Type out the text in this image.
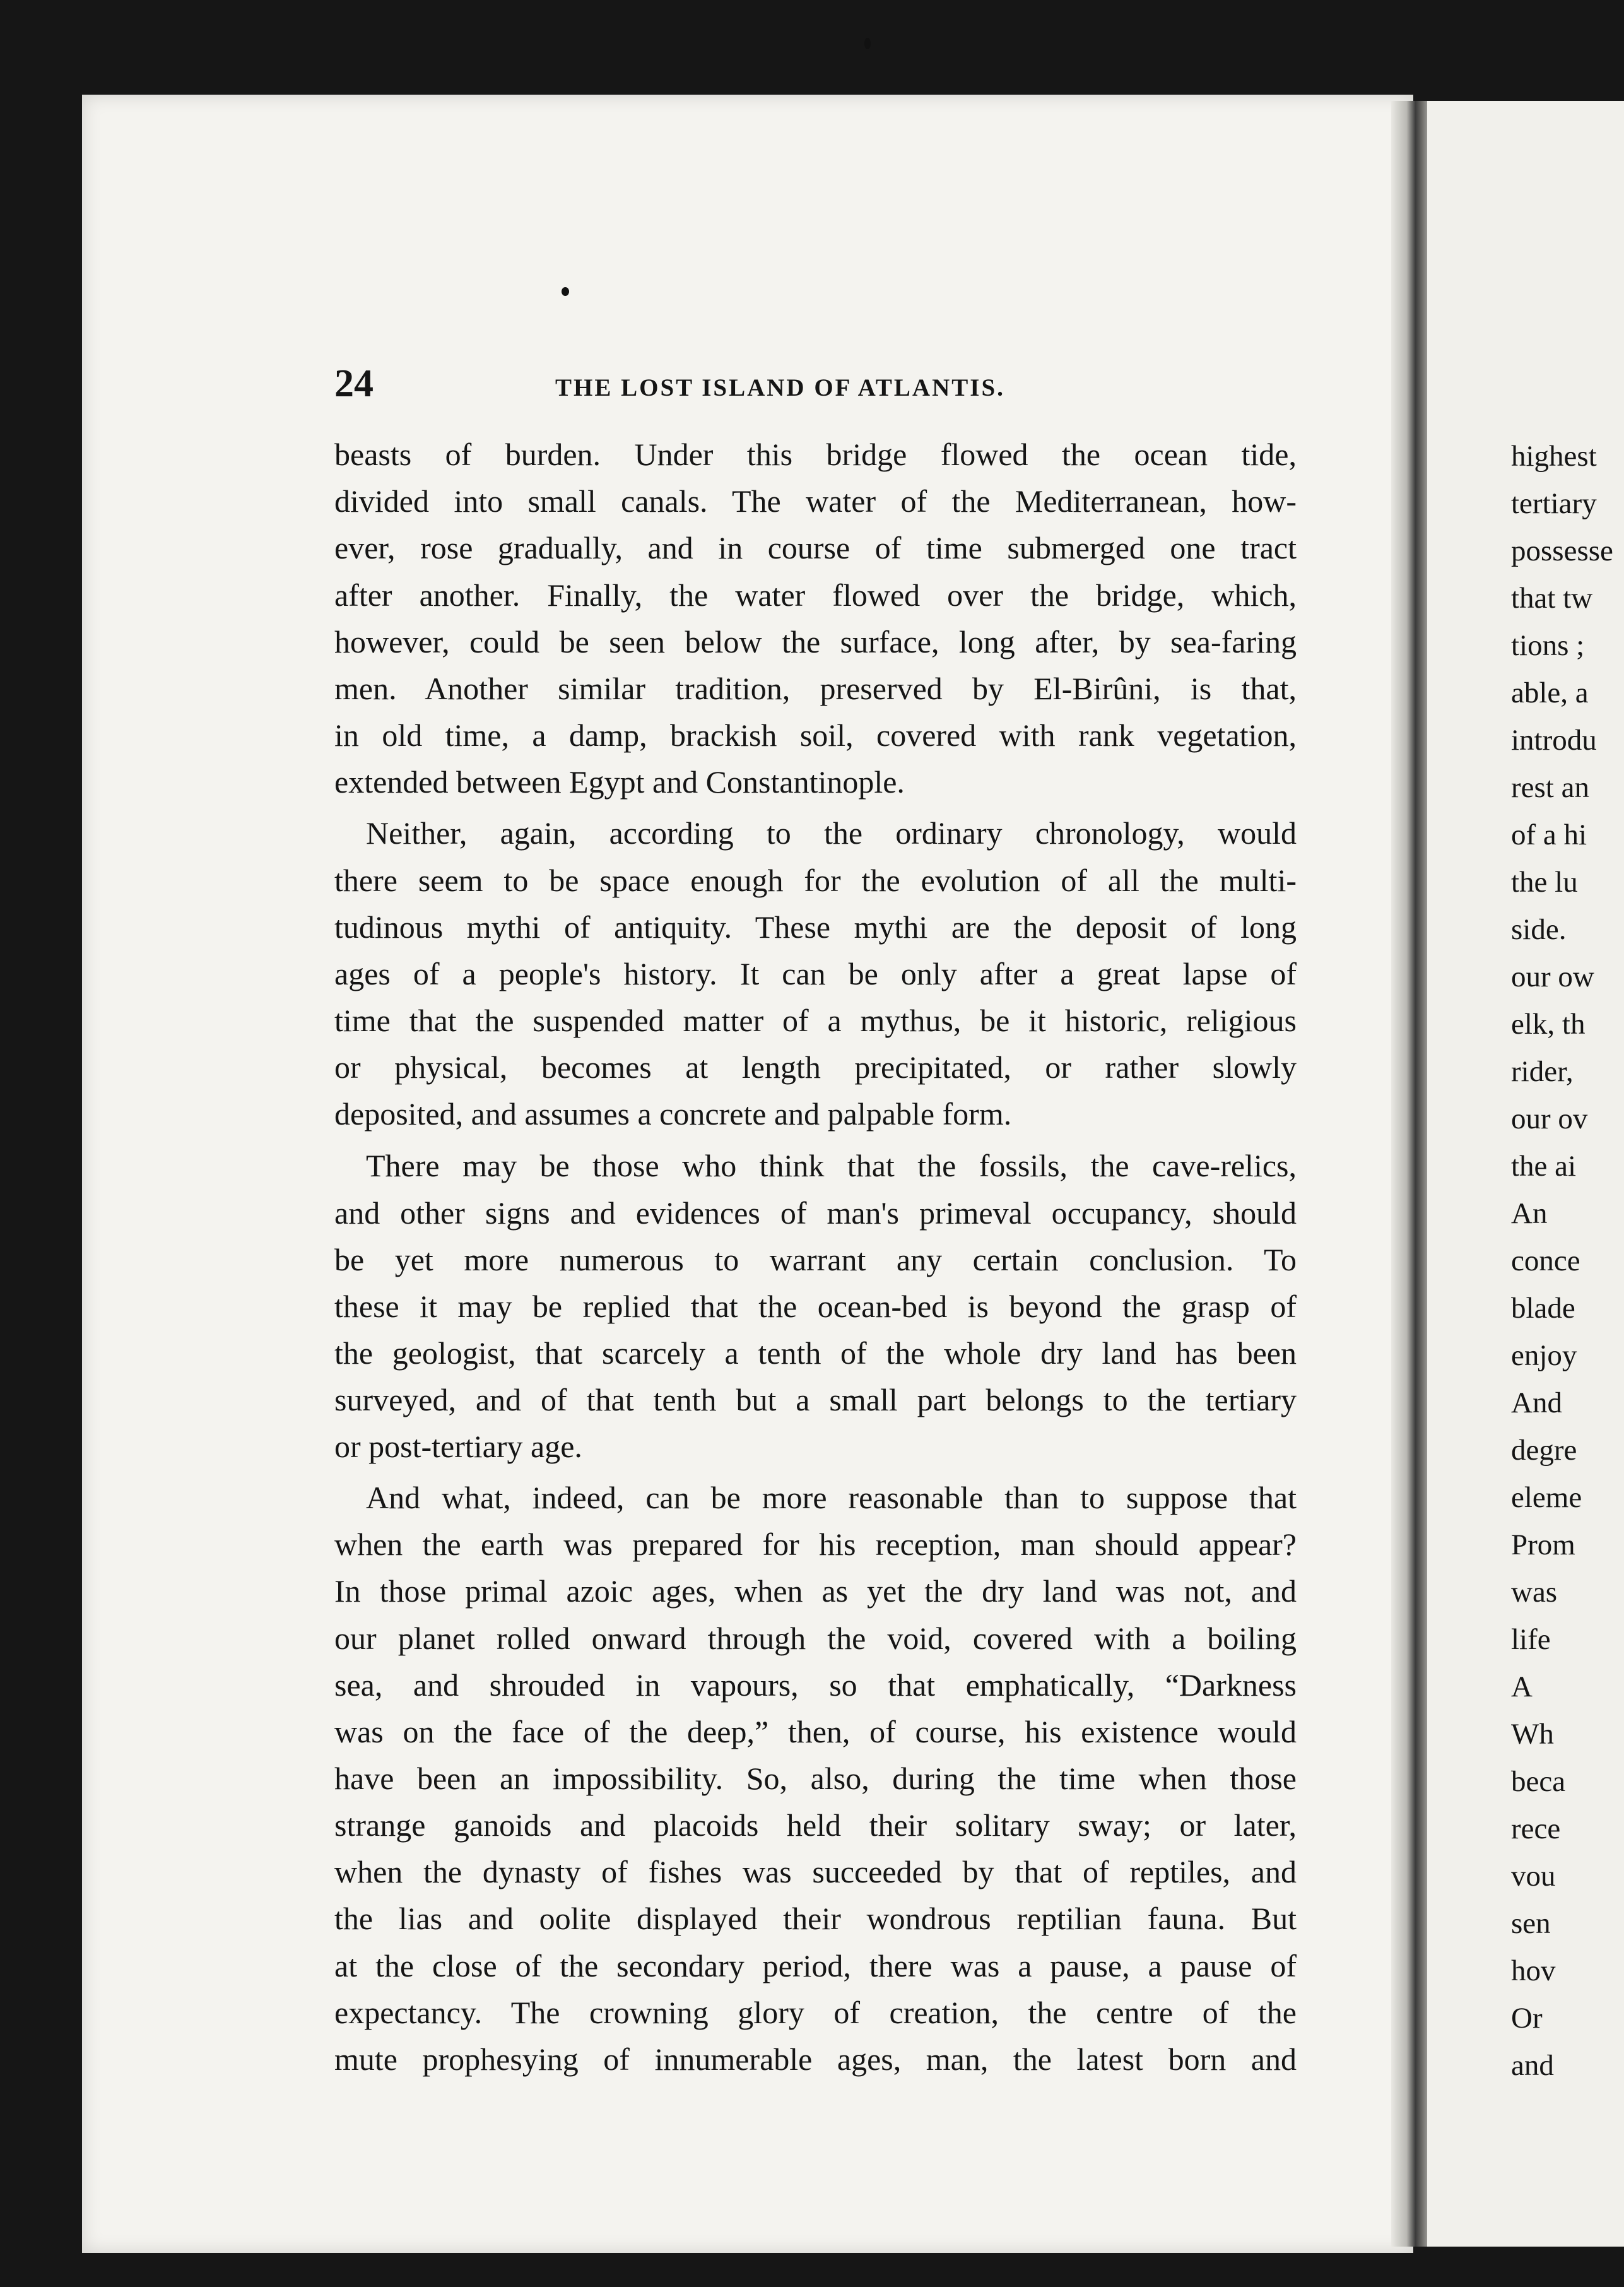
24	THE LOST ISLAND OF ATLANTIS.
beasts of burden. Under this bridge flowed the ocean tide,
divided into small canals. The water of the Mediterranean, how-
ever, rose gradually, and in course of time submerged one tract
after another. Finally, the water flowed over the bridge, which,
however, could be seen below the surface, long after, by sea-faring
men. Another similar tradition, preserved by El-Birûni, is that,
in old time, a damp, brackish soil, covered with rank vegetation,
extended between Egypt and Constantinople.
Neither, again, according to the ordinary chronology, would
there seem to be space enough for the evolution of all the multi-
tudinous mythi of antiquity. These mythi are the deposit of long
ages of a people's history. It can be only after a great lapse of
time that the suspended matter of a mythus, be it historic, religious
or physical, becomes at length precipitated, or rather slowly
deposited, and assumes a concrete and palpable form.
There may be those who think that the fossils, the cave-relics,
and other signs and evidences of man's primeval occupancy, should
be yet more numerous to warrant any certain conclusion. To
these it may be replied that the ocean-bed is beyond the grasp of
the geologist, that scarcely a tenth of the whole dry land has been
surveyed, and of that tenth but a small part belongs to the tertiary
or post-tertiary age.
And what, indeed, can be more reasonable than to suppose that
when the earth was prepared for his reception, man should appear?
In those primal azoic ages, when as yet the dry land was not, and
our planet rolled onward through the void, covered with a boiling
sea, and shrouded in vapours, so that emphatically, “Darkness
was on the face of the deep,” then, of course, his existence would
have been an impossibility. So, also, during the time when those
strange ganoids and placoids held their solitary sway; or later,
when the dynasty of fishes was succeeded by that of reptiles, and
the lias and oolite displayed their wondrous reptilian fauna. But
at the close of the secondary period, there was a pause, a pause of
expectancy. The crowning glory of creation, the centre of the
mute prophesying of innumerable ages, man, the latest born and
highest
tertiary
possesse
that tw
tions ;
able, a
introdu
rest an
of a hi
the lu
side.
our ow
elk, th
rider,
our ov
the ai
An
conce
blade
enjoy
And
degre
eleme
Prom
was
life
A
Wh
beca
rece
vou
sen
hov
Or
and
